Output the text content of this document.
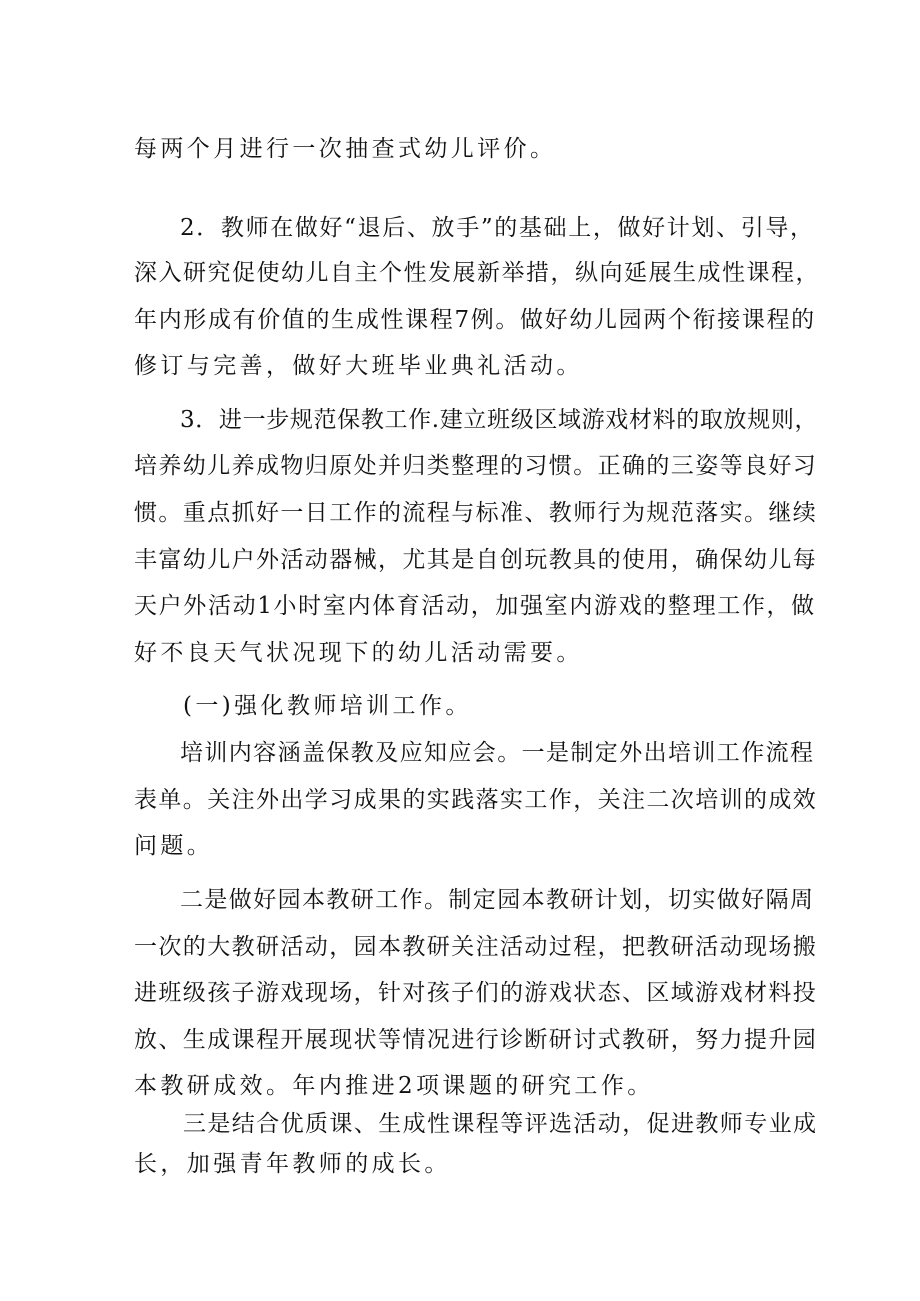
每两个月进行一次抽查式幼儿评价。
2．教师在做好“退后、放手”的基础上，做好计划、引导，
深入研究促使幼儿自主个性发展新举措，纵向延展生成性课程，
年内形成有价值的生成性课程7例。做好幼儿园两个衔接课程的
修订与完善，做好大班毕业典礼活动。
3．进一步规范保教工作.建立班级区域游戏材料的取放规则，
培养幼儿养成物归原处并归类整理的习惯。正确的三姿等良好习
惯。重点抓好一日工作的流程与标准、教师行为规范落实。继续
丰富幼儿户外活动器械，尤其是自创玩教具的使用，确保幼儿每
天户外活动1小时室内体育活动，加强室内游戏的整理工作，做
好不良天气状况现下的幼儿活动需要。
(一)强化教师培训工作。
培训内容涵盖保教及应知应会。一是制定外出培训工作流程
表单。关注外出学习成果的实践落实工作，关注二次培训的成效
问题。
二是做好园本教研工作。制定园本教研计划，切实做好隔周
一次的大教研活动，园本教研关注活动过程，把教研活动现场搬
进班级孩子游戏现场，针对孩子们的游戏状态、区域游戏材料投
放、生成课程开展现状等情况进行诊断研讨式教研，努力提升园
本教研成效。年内推进2项课题的研究工作。
三是结合优质课、生成性课程等评选活动，促进教师专业成
长，加强青年教师的成长。
